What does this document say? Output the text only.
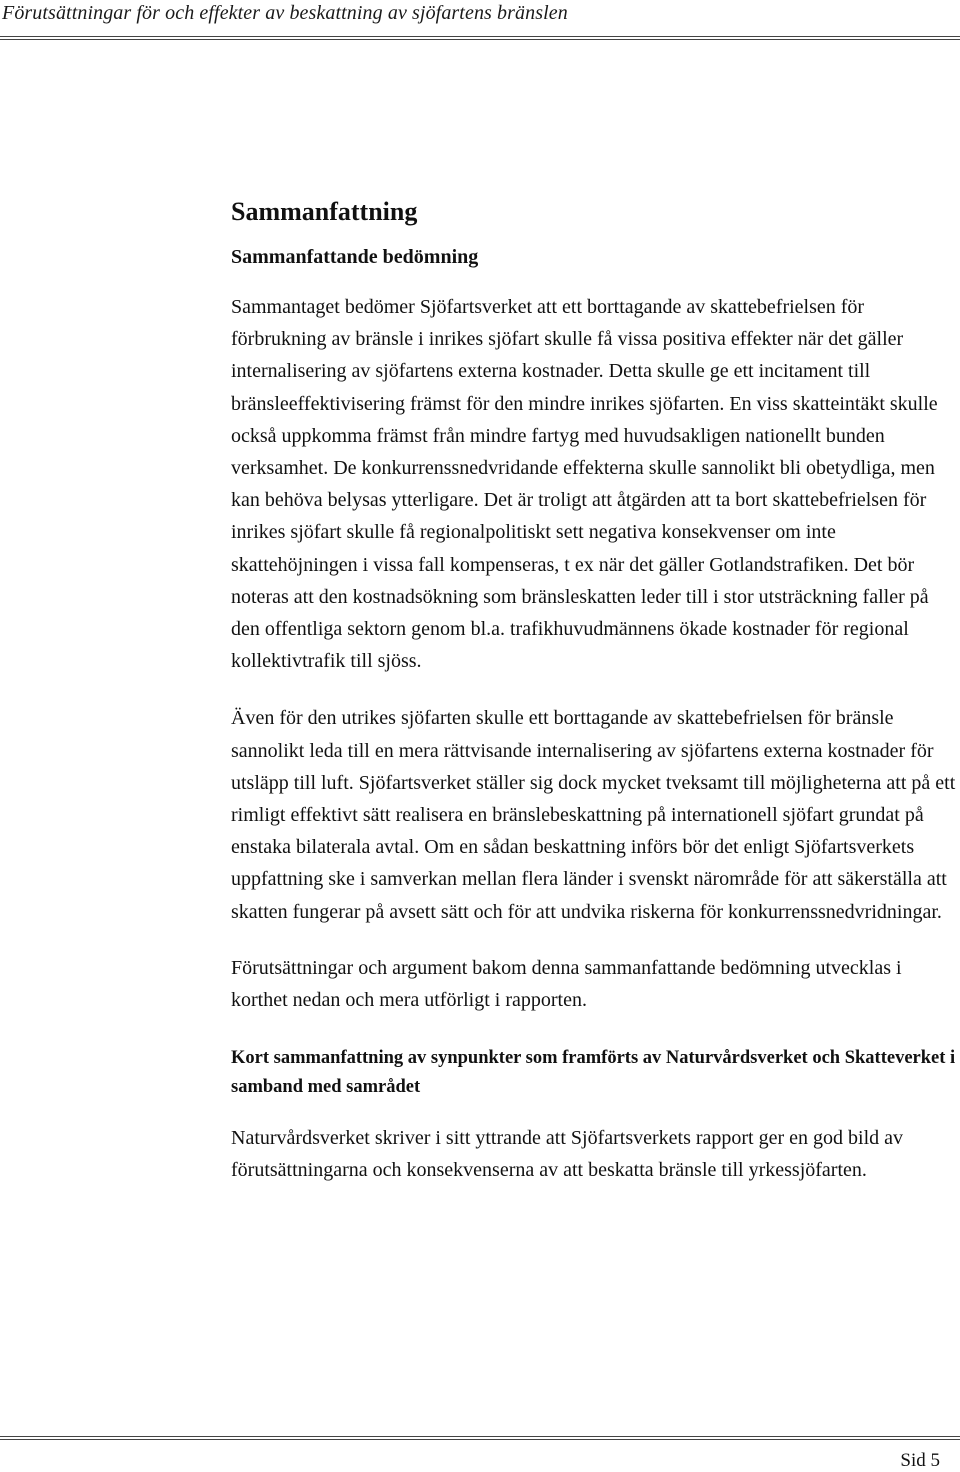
Förutsättningar för och effekter av beskattning av sjöfartens bränslen
Sammanfattning
Sammanfattande bedömning

Sammantaget bedömer Sjöfartsverket att ett borttagande av skattebefrielsen för förbrukning av bränsle i inrikes sjöfart skulle få vissa positiva effekter när det gäller internalisering av sjöfartens externa kostnader. Detta skulle ge ett incitament till bränsleeffektivisering främst för den mindre inrikes sjöfarten. En viss skatteintäkt skulle också uppkomma främst från mindre fartyg med huvudsakligen nationellt bunden verksamhet. De konkurrenssnedvridande effekterna skulle sannolikt bli obetydliga, men kan behöva belysas ytterligare. Det är troligt att åtgärden att ta bort skattebefrielsen för inrikes sjöfart skulle få regionalpolitiskt sett negativa konsekvenser om inte skattehöjningen i vissa fall kompenseras, t ex när det gäller Gotlandstrafiken. Det bör noteras att den kostnadsökning som bränsleskatten leder till i stor utsträckning faller på den offentliga sektorn genom bl.a. trafikhuvudmännens ökade kostnader för regional kollektivtrafik till sjöss.

Även för den utrikes sjöfarten skulle ett borttagande av skattebefrielsen för bränsle sannolikt leda till en mera rättvisande internalisering av sjöfartens externa kostnader för utsläpp till luft. Sjöfartsverket ställer sig dock mycket tveksamt till möjligheterna att på ett rimligt effektivt sätt realisera en bränslebeskattning på internationell sjöfart grundat på enstaka bilaterala avtal. Om en sådan beskattning införs bör det enligt Sjöfartsverkets uppfattning ske i samverkan mellan flera länder i svenskt närområde för att säkerställa att skatten fungerar på avsett sätt och för att undvika riskerna för konkurrenssnedvridningar.

Förutsättningar och argument bakom denna sammanfattande bedömning utvecklas i korthet nedan och mera utförligt i rapporten.

Kort sammanfattning av synpunkter som framförts av Naturvårdsverket och Skatteverket i samband med samrådet

Naturvårdsverket skriver i sitt yttrande att Sjöfartsverkets rapport ger en god bild av förutsättningarna och konsekvenserna av att beskatta bränsle till yrkessjöfarten.

Sid 5
